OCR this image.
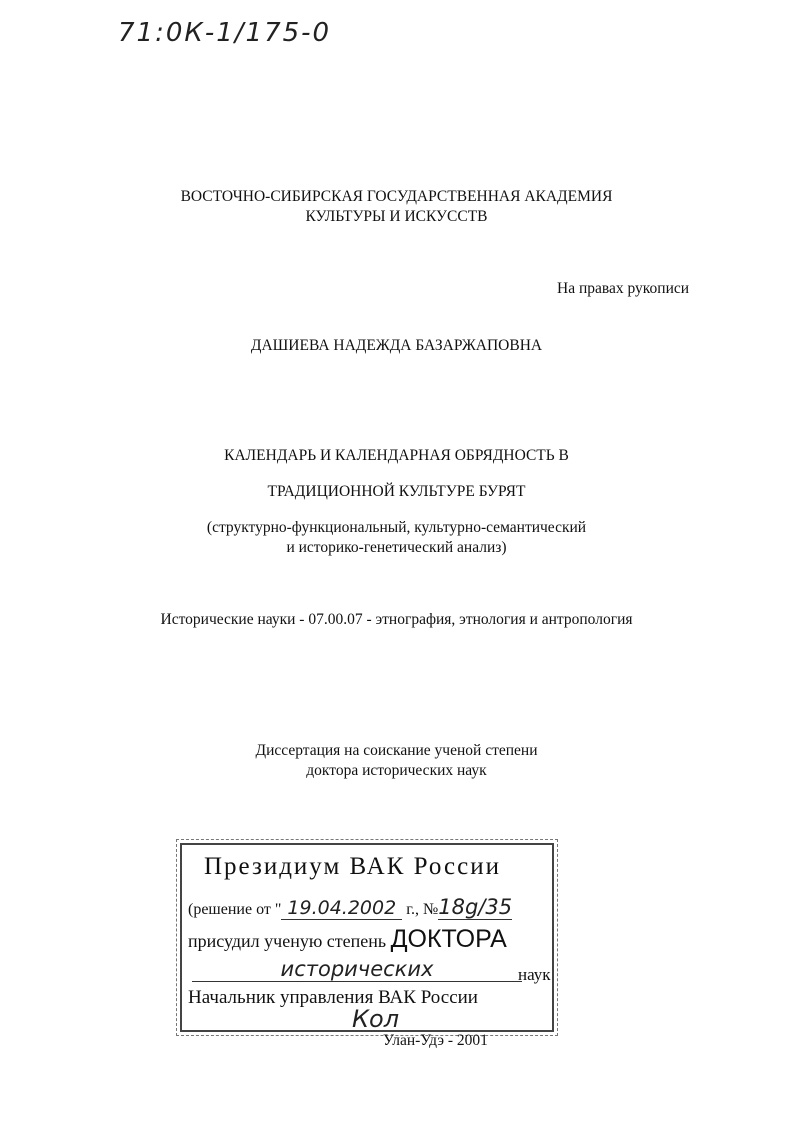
71:0К-1/175-0
ВОСТОЧНО-СИБИРСКАЯ ГОСУДАРСТВЕННАЯ АКАДЕМИЯ
КУЛЬТУРЫ И ИСКУССТВ
На правах рукописи
ДАШИЕВА НАДЕЖДА БАЗАРЖАПОВНА
КАЛЕНДАРЬ И КАЛЕНДАРНАЯ ОБРЯДНОСТЬ В
ТРАДИЦИОННОЙ КУЛЬТУРЕ БУРЯТ
(структурно-функциональный, культурно-семантический
и историко-генетический анализ)
Исторические науки - 07.00.07 - этнография, этнология и антропология
Диссертация на соискание ученой степени
доктора исторических наук
Президиум ВАК России
(решение от " 19.04.2002 г., №18g/35
присудил ученую степень ДОКТОРА
исторических	наук
Начальник управления ВАК России
Кол
Улан-Удэ - 2001
